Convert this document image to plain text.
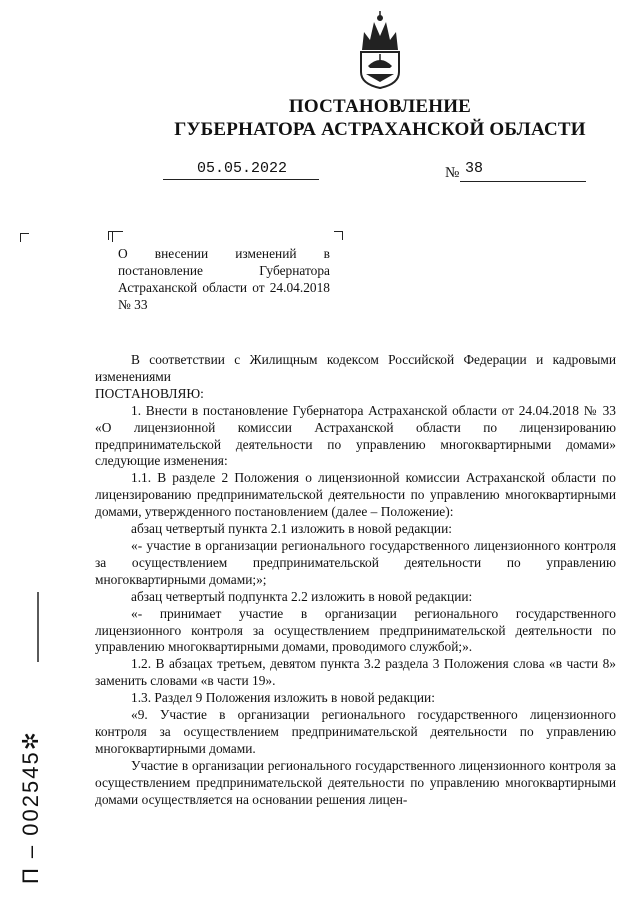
ПОСТАНОВЛЕНИЕ
ГУБЕРНАТОРА АСТРАХАНСКОЙ ОБЛАСТИ
05.05.2022	№ 38
О внесении изменений в постановление Губернатора Астраханской области от 24.04.2018 № 33

В соответствии с Жилищным кодексом Российской Федерации и кадровыми изменениями

ПОСТАНОВЛЯЮ:

1. Внести в постановление Губернатора Астраханской области от 24.04.2018 № 33 «О лицензионной комиссии Астраханской области по лицензированию предпринимательской деятельности по управлению многоквартирными домами» следующие изменения:

1.1. В разделе 2 Положения о лицензионной комиссии Астраханской области по лицензированию предпринимательской деятельности по управлению многоквартирными домами, утвержденного постановлением (далее – Положение):

абзац четвертый пункта 2.1 изложить в новой редакции:

«- участие в организации регионального государственного лицензионного контроля за осуществлением предпринимательской деятельности по управлению многоквартирными домами;»;

абзац четвертый подпункта 2.2 изложить в новой редакции:

«- принимает участие в организации регионального государственного лицензионного контроля за осуществлением предпринимательской деятельности по управлению многоквартирными домами, проводимого службой;».

1.2. В абзацах третьем, девятом пункта 3.2 раздела 3 Положения слова «в части 8» заменить словами «в части 19».

1.3. Раздел 9 Положения изложить в новой редакции:

«9. Участие в организации регионального государственного лицензионного контроля за осуществлением предпринимательской деятельности по управлению многоквартирными домами.

Участие в организации регионального государственного лицензионного контроля за осуществлением предпринимательской деятельности по управлению многоквартирными домами осуществляется на основании решения лицен-

П – 002545✲
